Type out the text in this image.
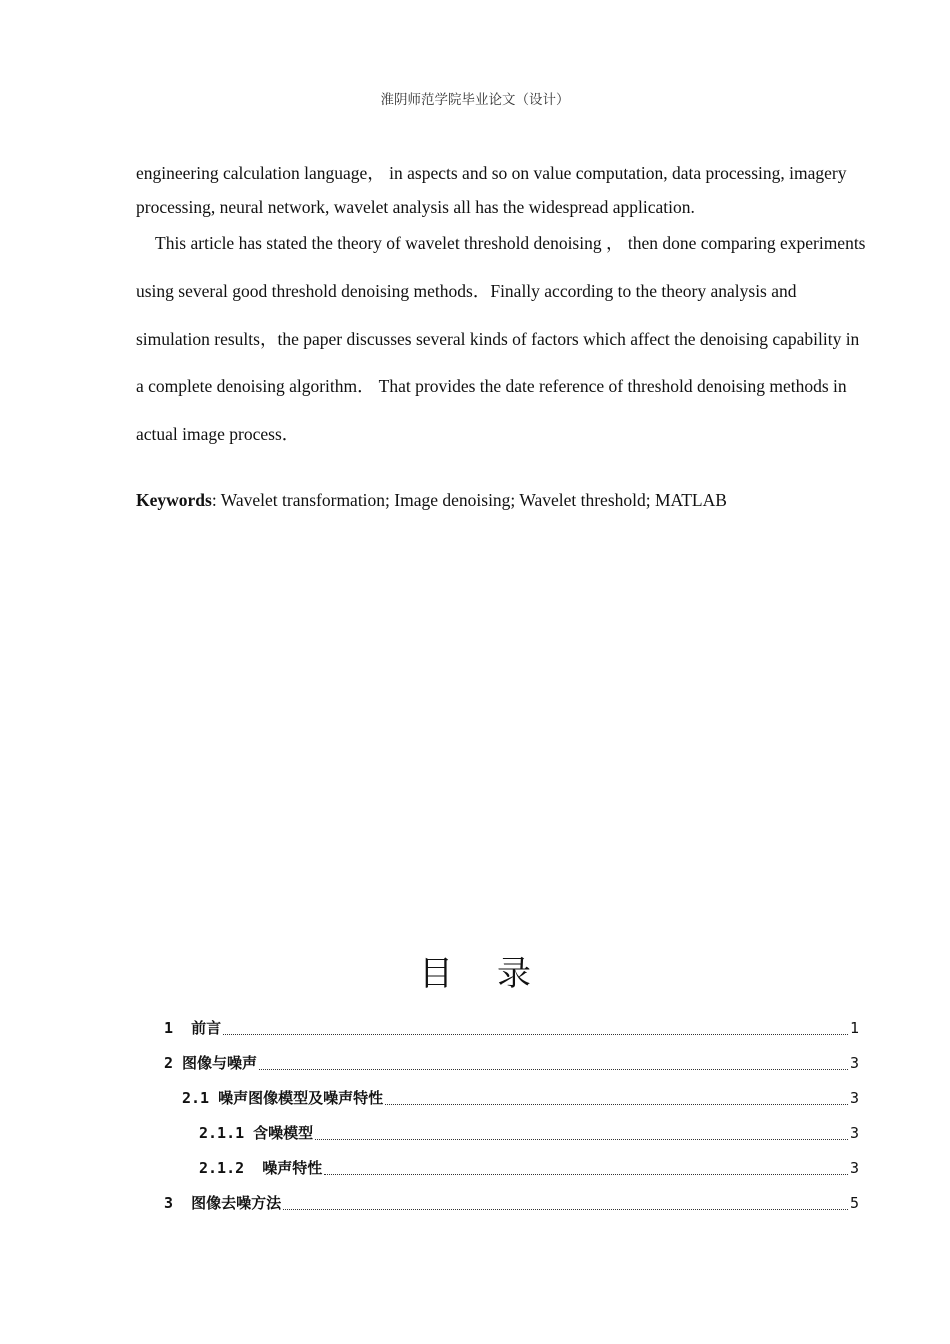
淮阴师范学院毕业论文（设计）

engineering calculation language， in aspects and so on value computation, data processing, imagery processing, neural network, wavelet analysis all has the widespread application.

This article has stated the theory of wavelet threshold denoising ， then done comparing experiments using several good threshold denoising methods．Finally according to the theory analysis and simulation results，the paper discusses several kinds of factors which affect the denoising capability in a complete denoising algorithm． That provides the date reference of threshold denoising methods in actual image process．

Keywords: Wavelet transformation; Image denoising; Wavelet threshold; MATLAB

目录
1  前言	1
2 图像与噪声	3
2.1 噪声图像模型及噪声特性	3
2.1.1 含噪模型	3
2.1.2  噪声特性	3
3  图像去噪方法	5
